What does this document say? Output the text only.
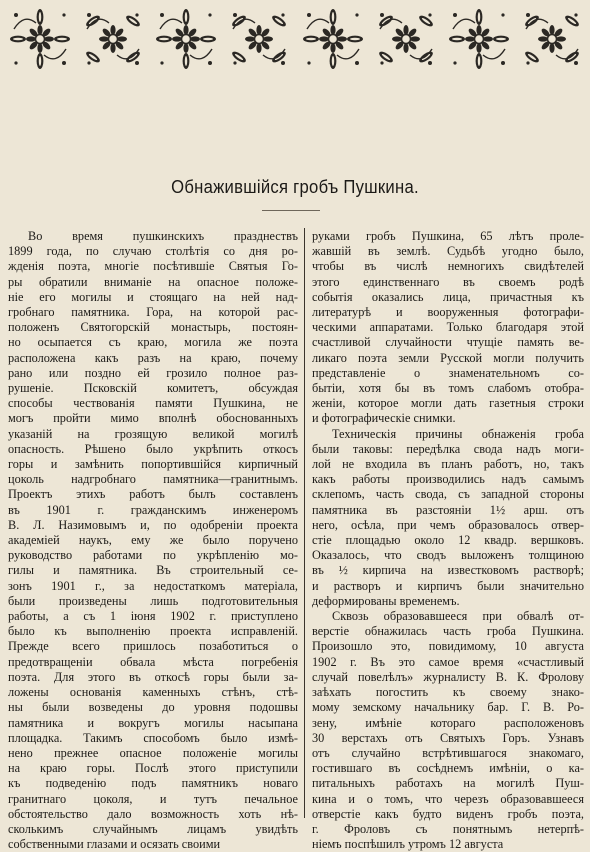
Обнажившійся гробъ Пушкина.
Во время пушкинскихъ празднествъ
1899 года, по случаю столѣтія со дня ро-
жденія поэта, многіе посѣтившіе Святыя Го-
ры обратили вниманіе на опасное положе-
ніе его могилы и стоящаго на ней над-
гробнаго памятника. Гора, на которой рас-
положенъ Святогорскій монастырь, постоян-
но осыпается съ краю, могила же поэта
расположена какъ разъ на краю, почему
рано или поздно ей грозило полное раз-
рушеніе. Псковскій комитетъ, обсуждая
способы чествованія памяти Пушкина, не
могъ пройти мимо вполнѣ обоснованныхъ
указаній на грозящую великой могилѣ
опасность. Рѣшено было укрѣпить откосъ
горы и замѣнить попортившійся кирпичный
цоколь надгробнаго памятника—гранитнымъ.
Проектъ этихъ работъ былъ составленъ
въ 1901 г. гражданскимъ инженеромъ
В. Л. Назимовымъ и, по одобреніи проекта
академіей наукъ, ему же было поручено
руководство работами по укрѣпленію мо-
гилы и памятника. Въ строительный се-
зонъ 1901 г., за недостаткомъ матеріала,
были произведены лишь подготовительныя
работы, а съ 1 іюня 1902 г. приступлено
было къ выполненію проекта исправленій.
Прежде всего пришлось позаботиться о
предотвращеніи обвала мѣста погребенія
поэта. Для этого въ откосѣ горы были за-
ложены основанія каменныхъ стѣнъ, стѣ-
ны были возведены до уровня подошвы
памятника и вокругъ могилы насыпана
площадка. Такимъ способомъ было измѣ-
нено прежнее опасное положеніе могилы
на краю горы. Послѣ этого приступили
къ подведенію подъ памятникъ новаго
гранитнаго цоколя, и тутъ печальное
обстоятельство дало возможность хоть нѣ-
сколькимъ случайнымъ лицамъ увидѣть
собственными глазами и осязать своими
руками гробъ Пушкина, 65 лѣтъ проле-
жавшій въ землѣ. Судьбѣ угодно было,
чтобы въ числѣ немногихъ свидѣтелей
этого единственнаго въ своемъ родѣ
событія оказались лица, причастныя къ
литературѣ и вооруженныя фотографи-
ческими аппаратами. Только благодаря этой
счастливой случайности чтущіе память ве-
ликаго поэта земли Русской могли получить
представленіе о знаменательномъ со-
бытіи, хотя бы въ томъ слабомъ отобра-
женіи, которое могли дать газетныя строки
и фотографическіе снимки.
Техническія причины обнаженія гроба
были таковы: передѣлка свода надъ моги-
лой не входила въ планъ работъ, но, такъ
какъ работы производились надъ самымъ
склепомъ, часть свода, съ западной стороны
памятника въ разстояніи 1½ арш. отъ
него, осѣла, при чемъ образовалось отвер-
стіе площадью около 12 квадр. вершковъ.
Оказалось, что сводъ выложенъ толщиною
въ ½ кирпича на известковомъ растворѣ;
и растворъ и кирпичъ были значительно
деформированы временемъ.
Сквозь образовавшееся при обвалѣ от-
верстіе обнажилась часть гроба Пушкина.
Произошло это, повидимому, 10 августа
1902 г. Въ это самое время «счастливый
случай повелѣлъ» журналисту В. К. Фролову
заѣхать погостить къ своему знако-
мому земскому начальнику бар. Г. В. Ро-
зену, имѣніе котораго расположеновъ
30 верстахъ отъ Святыхъ Горъ. Узнавъ
отъ случайно встрѣтившагося знакомаго,
гостившаго въ сосѣднемъ имѣніи, о ка-
питальныхъ работахъ на могилѣ Пуш-
кина и о томъ, что черезъ образовавшееся
отверстіе какъ будто виденъ гробъ поэта,
г. Фроловъ съ понятнымъ нетерпѣ-
ніемъ поспѣшилъ утромъ 12 августа
